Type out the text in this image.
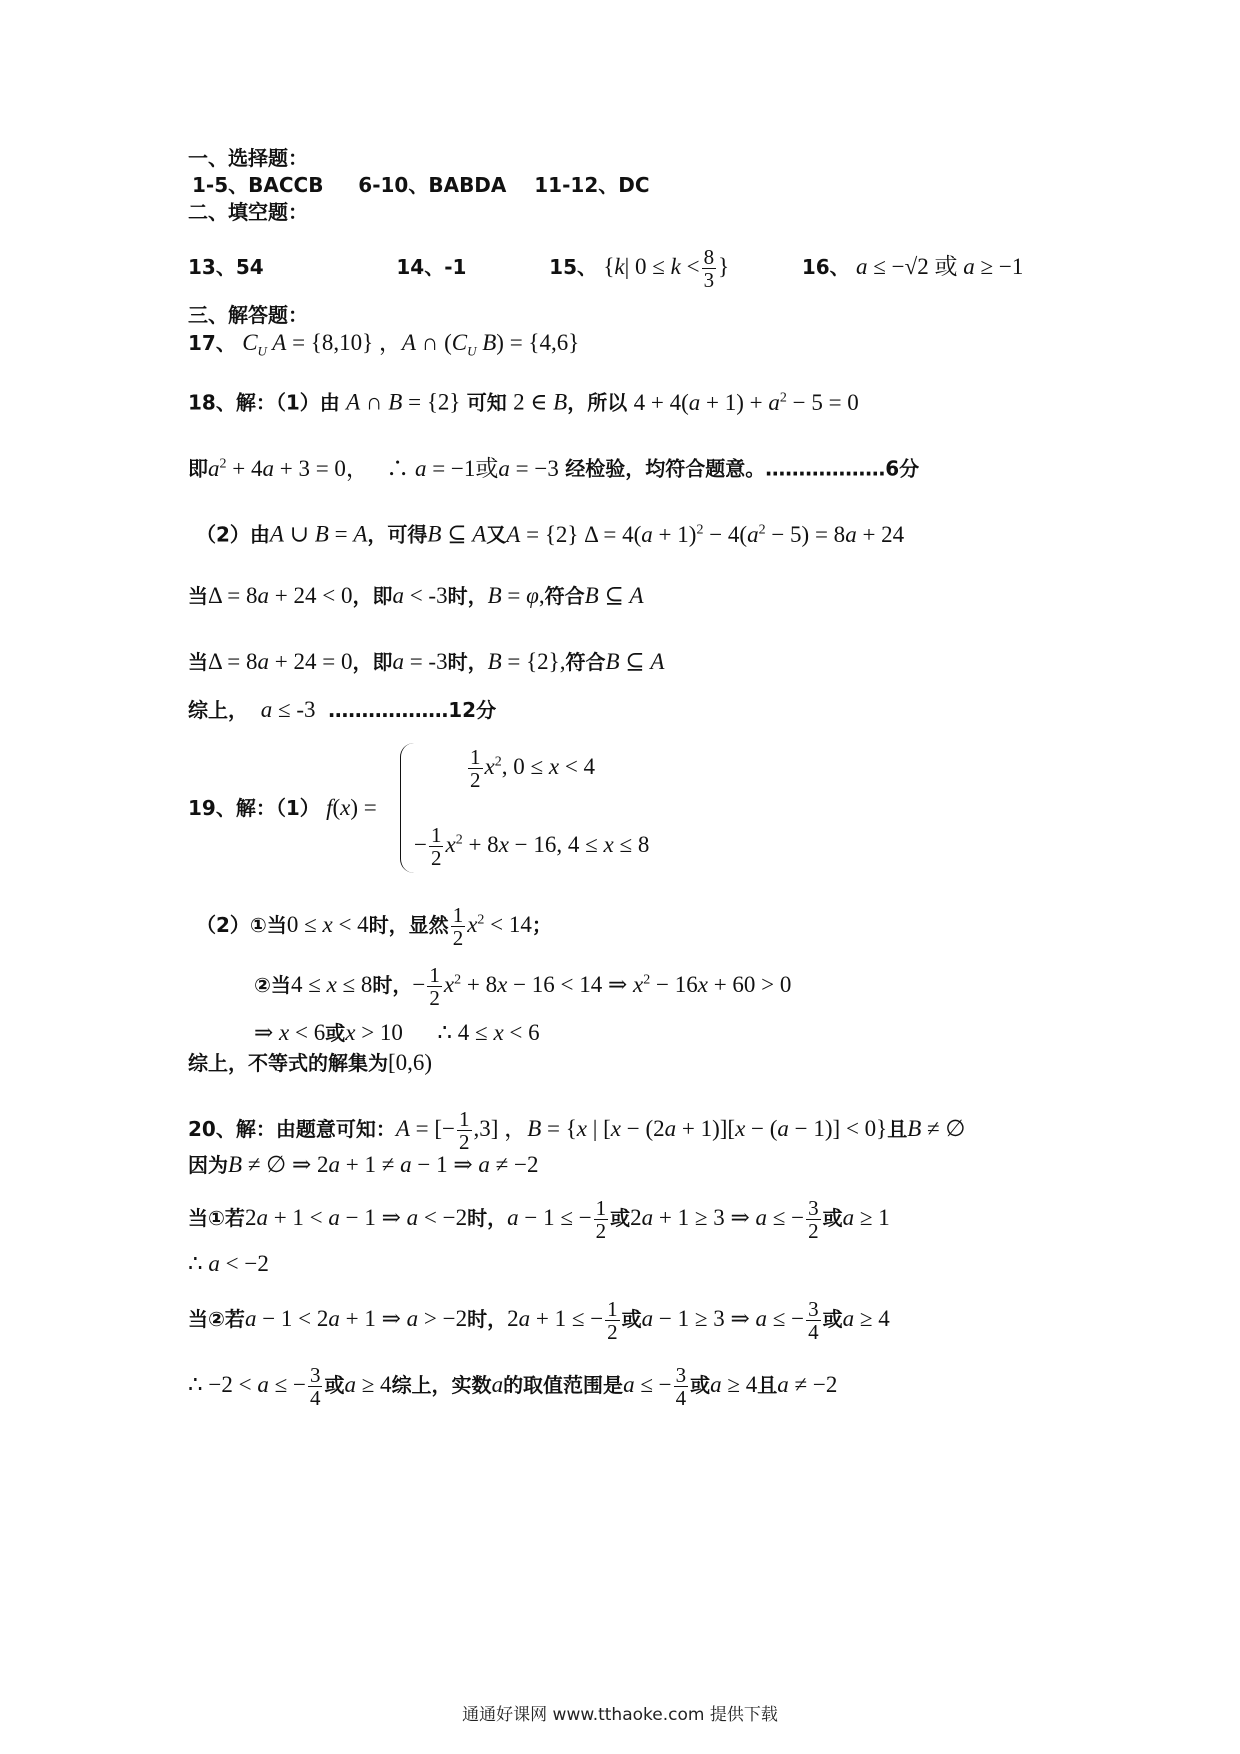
一、选择题：
1-5、BACCB 6-10、BABDA 11-12、DC
二、填空题：
13、54	14、-1	15、 {k| $0 \le k < \frac{8}{3}$ }	16、 a ≤ −√2 或 a ≥ −1
三、解答题：
17、 $C_U$ A = {8,10} ，A ∩ ($C_U$ B) = {4,6}
18、解：（1）由 A ∩ B = {2} 可知 2 ∈ B，所以 $4 + 4(a + 1) + a^2 - 5 = 0$
即$a^2 + 4a + 3 = 0$，   ∴ a = −1或a = −3 经检验，均符合题意。………………6分
（2）由A ∪ B = A，可得B ⊆ A又A = {2} $\Delta = 4(a + 1)^2 - 4(a^2 - 5) = 8a + 24$
当Δ = 8a + 24 < 0，即a < -3时，B = φ,符合B ⊆ A
当Δ = 8a + 24 = 0，即a = -3时，B = {2},符合B ⊆ A
综上， a ≤ -3 ………………12分
19、解：（1） f(x) =
$\frac{1}{2} x^2$, 0 ≤ x < 4
− $\frac{1}{2} x^2 + 8x - 16$, 4 ≤ x ≤ 8
（2）①当0 ≤ x < 4时，显然 $\frac{1}{2} x^2 < 14$；
②当4 ≤ x ≤ 8时，− $\frac{1}{2} x^2 + 8x - 16 < 14$ ⇒ $x^2 - 16x + 60 > 0$
⇒ x < 6或x > 10      ∴ 4 ≤ x < 6
综上，不等式的解集为[0,6)
20、解：由题意可知：A = [− $\frac{1}{2} ,3$] ，B = {x | [x − (2a + 1)][x − (a − 1)] < 0}且B ≠ ∅
因为B ≠ ∅ ⇒ 2a + 1 ≠ a − 1 ⇒ a ≠ −2
当①若2a + 1 < a − 1 ⇒ a < −2时，a − 1 ≤ − $\frac{1}{2}$ 或2a + 1 ≥ 3 ⇒ a ≤ − $\frac{3}{2}$ 或a ≥ 1
∴ a < −2
当②若a − 1 < 2a + 1 ⇒ a > −2时，2a + 1 ≤ − $\frac{1}{2}$ 或a − 1 ≥ 3 ⇒ a ≤ − $\frac{3}{4}$ 或a ≥ 4
∴ −2 < a ≤ − $\frac{3}{4}$ 或a ≥ 4综上，实数a的取值范围是a ≤ − $\frac{3}{4}$ 或a ≥ 4且a ≠ −2
通通好课网 www.tthaoke.com 提供下载
